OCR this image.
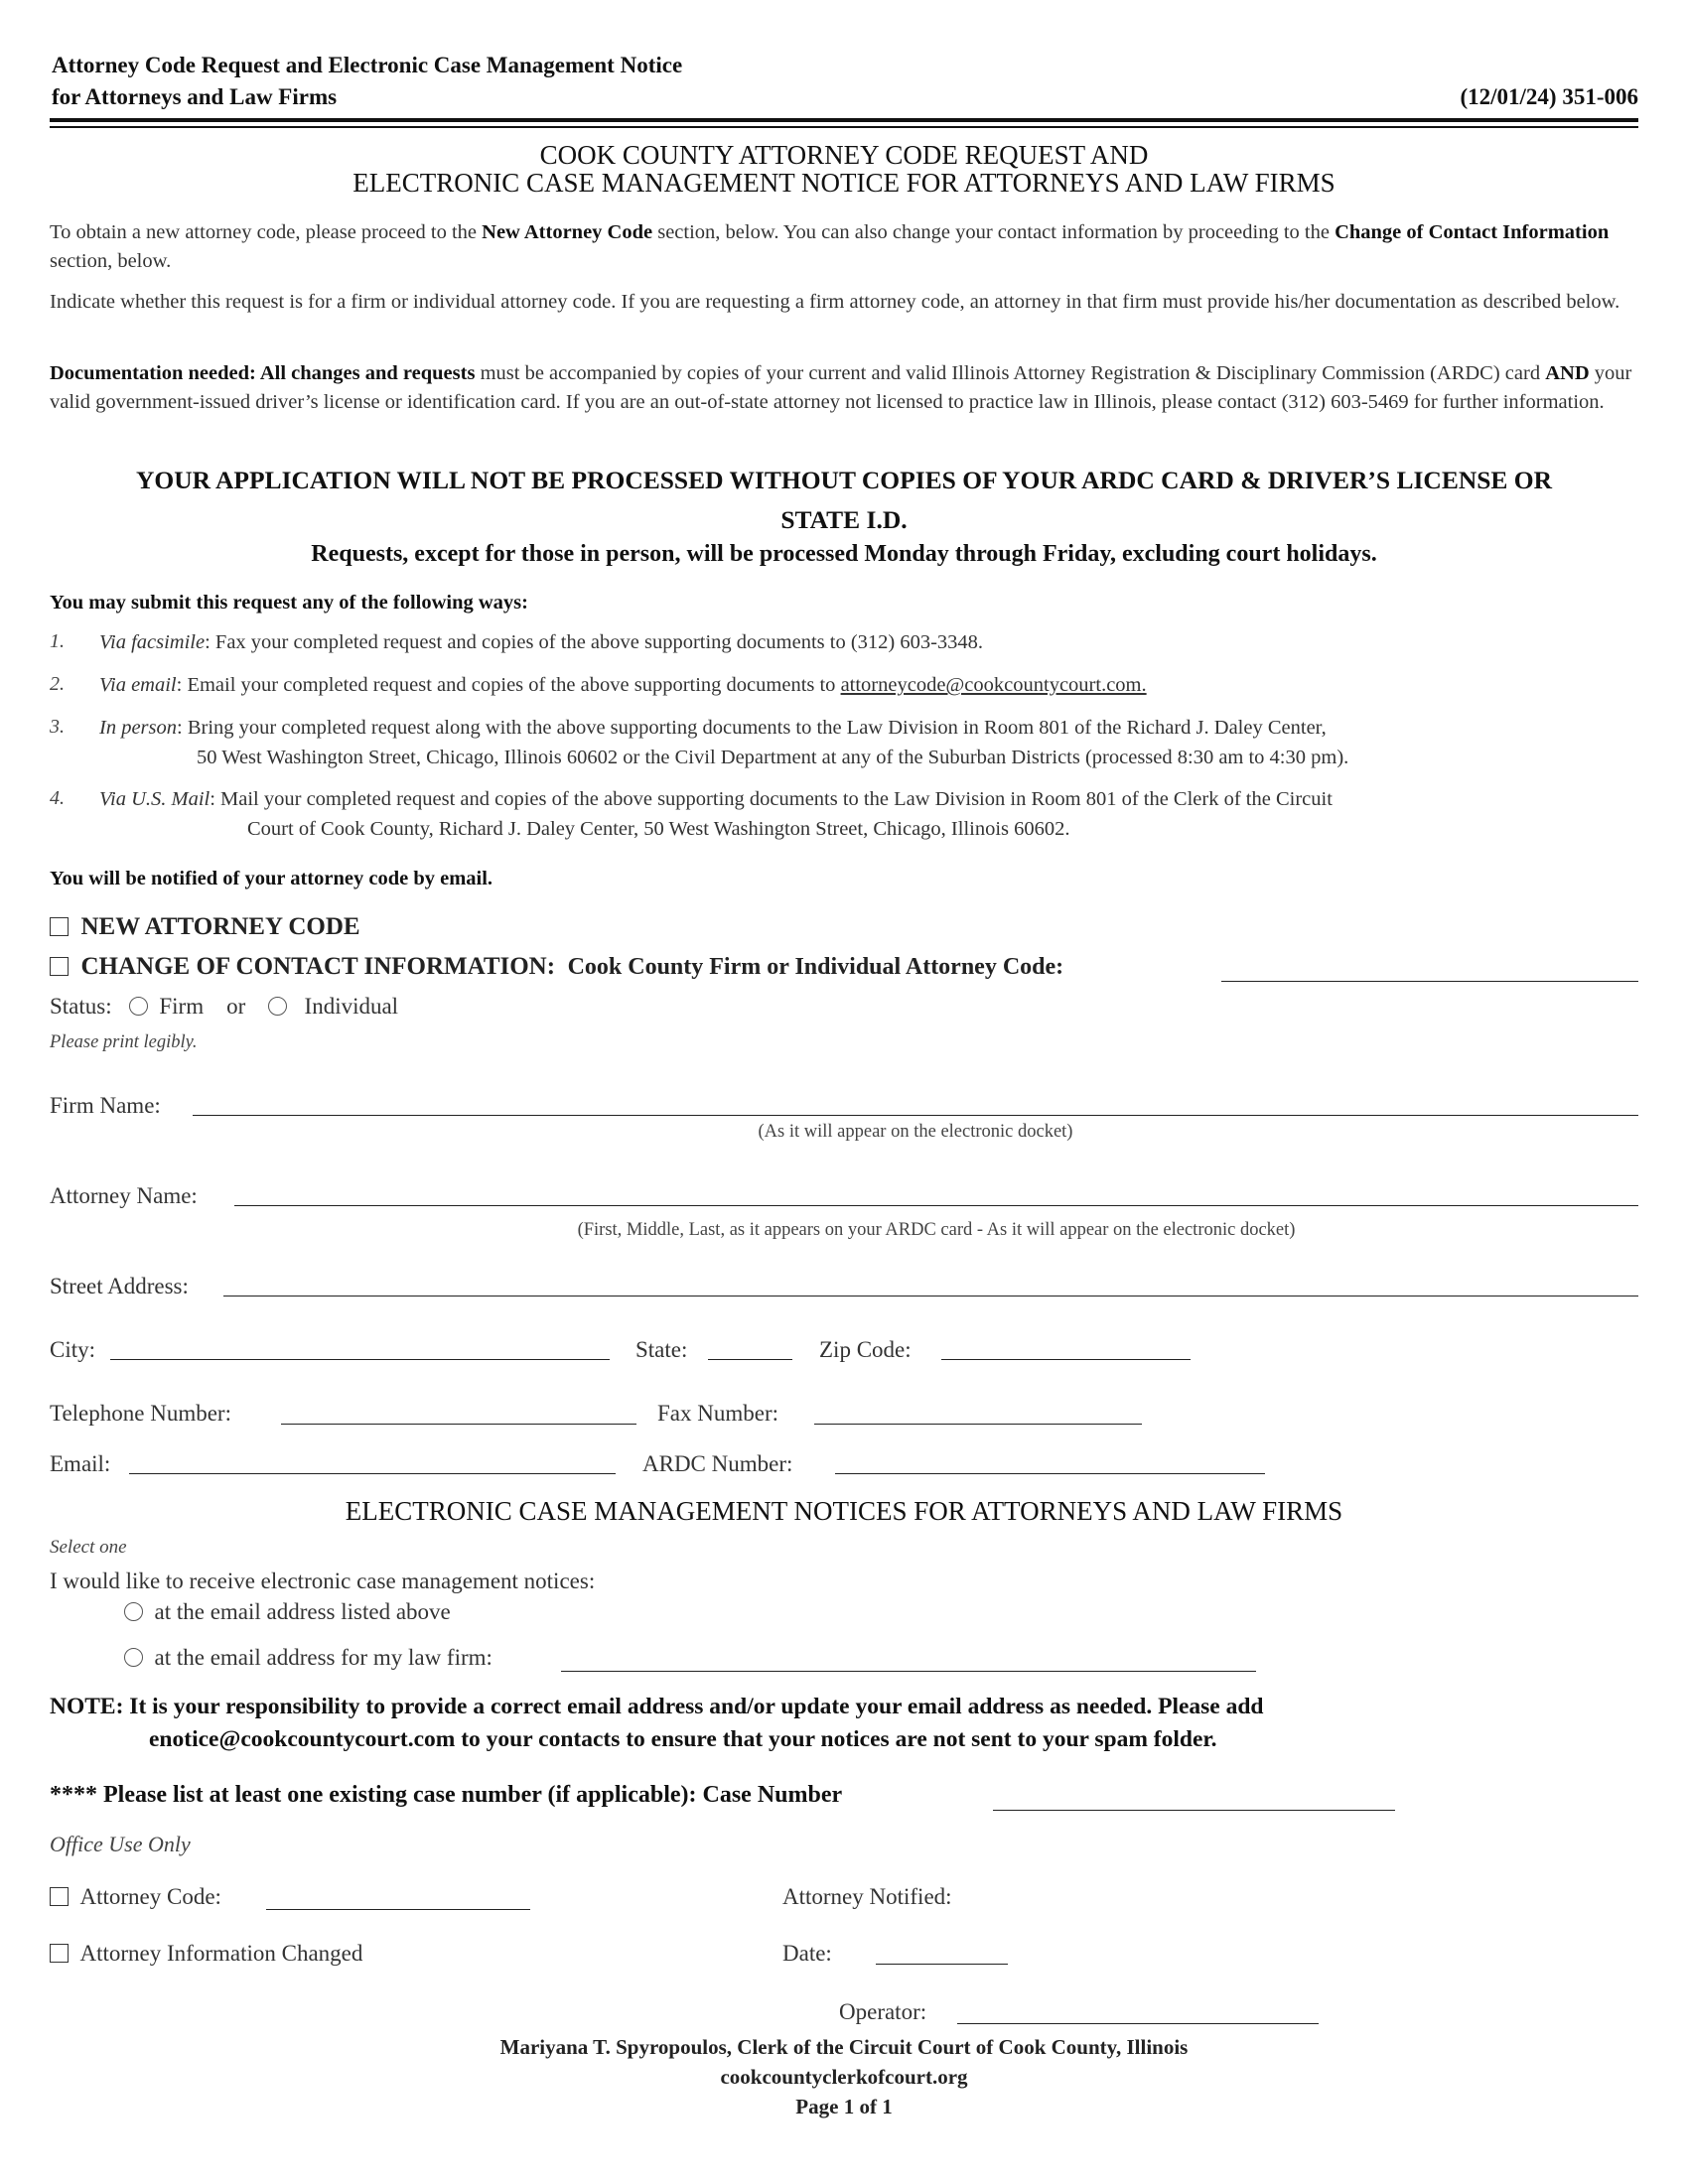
Attorney Code Request and Electronic Case Management Notice
for Attorneys and Law Firms	(12/01/24) 351-006
COOK COUNTY ATTORNEY CODE REQUEST AND
ELECTRONIC CASE MANAGEMENT NOTICE FOR ATTORNEYS AND LAW FIRMS
To obtain a new attorney code, please proceed to the New Attorney Code section, below. You can also change your contact information by proceeding to the Change of Contact Information section, below.
Indicate whether this request is for a firm or individual attorney code. If you are requesting a firm attorney code, an attorney in that firm must provide his/her documentation as described below.
Documentation needed: All changes and requests must be accompanied by copies of your current and valid Illinois Attorney Registration & Disciplinary Commission (ARDC) card AND your valid government-issued driver’s license or identification card. If you are an out-of-state attorney not licensed to practice law in Illinois, please contact (312) 603-5469 for further information.
YOUR APPLICATION WILL NOT BE PROCESSED WITHOUT COPIES OF YOUR ARDC CARD & DRIVER’S LICENSE OR
STATE I.D.
Requests, except for those in person, will be processed Monday through Friday, excluding court holidays.
You may submit this request any of the following ways:
1. Via facsimile: Fax your completed request and copies of the above supporting documents to (312) 603-3348.
2. Via email: Email your completed request and copies of the above supporting documents to attorneycode@cookcountycourt.com.
3. In person: Bring your completed request along with the above supporting documents to the Law Division in Room 801 of the Richard J. Daley Center,
50 West Washington Street, Chicago, Illinois 60602 or the Civil Department at any of the Suburban Districts (processed 8:30 am to 4:30 pm).
4. Via U.S. Mail: Mail your completed request and copies of the above supporting documents to the Law Division in Room 801 of the Clerk of the Circuit
Court of Cook County, Richard J. Daley Center, 50 West Washington Street, Chicago, Illinois 60602.
You will be notified of your attorney code by email.
NEW ATTORNEY CODE
CHANGE OF CONTACT INFORMATION: Cook County Firm or Individual Attorney Code:
Status: Firm or	Individual
Please print legibly.
Firm Name:
(As it will appear on the electronic docket)
Attorney Name:
(First, Middle, Last, as it appears on your ARDC card - As it will appear on the electronic docket)
Street Address:
City:	State:	Zip Code:
Telephone Number:	Fax Number:
Email:	ARDC Number:
ELECTRONIC CASE MANAGEMENT NOTICES FOR ATTORNEYS AND LAW FIRMS
Select one
I would like to receive electronic case management notices:
at the email address listed above
at the email address for my law firm:
NOTE: It is your responsibility to provide a correct email address and/or update your email address as needed. Please add
enotice@cookcountycourt.com to your contacts to ensure that your notices are not sent to your spam folder.
**** Please list at least one existing case number (if applicable): Case Number
Office Use Only
Attorney Code:	Attorney Notified:
Attorney Information Changed	Date:
Operator:
Mariyana T. Spyropoulos, Clerk of the Circuit Court of Cook County, Illinois
cookcountyclerkofcourt.org
Page 1 of 1
